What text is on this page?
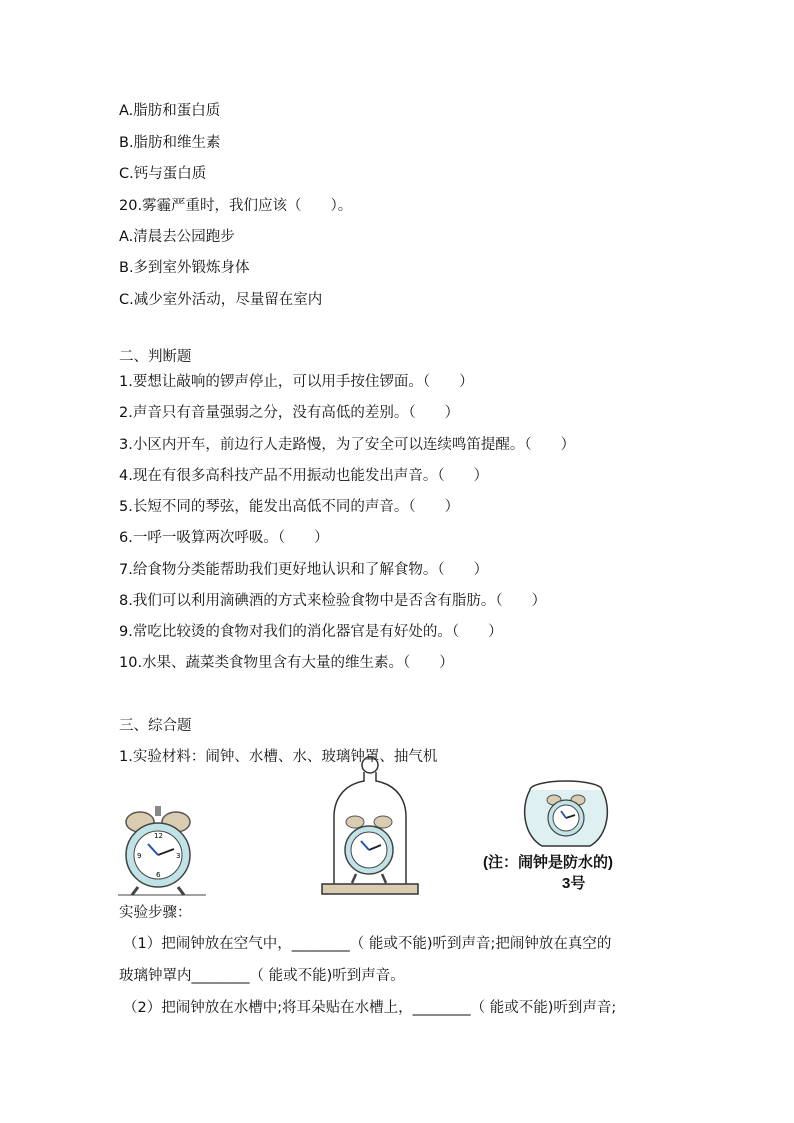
A.脂肪和蛋白质
B.脂肪和维生素
C.钙与蛋白质
20.雾霾严重时，我们应该（　　）。
A.清晨去公园跑步
B.多到室外锻炼身体
C.减少室外活动，尽量留在室内
二、判断题
1.要想让敲响的锣声停止，可以用手按住锣面。（　　）
2.声音只有音量强弱之分，没有高低的差别。（　　）
3.小区内开车，前边行人走路慢，为了安全可以连续鸣笛提醒。（　　）
4.现在有很多高科技产品不用振动也能发出声音。（　　）
5.长短不同的琴弦，能发出高低不同的声音。（　　）
6.一呼一吸算两次呼吸。（　　）
7.给食物分类能帮助我们更好地认识和了解食物。（　　）
8.我们可以利用滴碘酒的方式来检验食物中是否含有脂肪。（　　）
9.常吃比较烫的食物对我们的消化器官是有好处的。（　　）
10.水果、蔬菜类食物里含有大量的维生素。（　　）
三、综合题
1.实验材料：闹钟、水槽、水、玻璃钟罩、抽气机
12
3
6
9	(注：闹钟是防水的)
3号
实验步骤：
（1）把闹钟放在空气中，________（ 能或不能)听到声音;把闹钟放在真空的
玻璃钟罩内________（ 能或不能)听到声音。
（2）把闹钟放在水槽中;将耳朵贴在水槽上，________（ 能或不能)听到声音;
